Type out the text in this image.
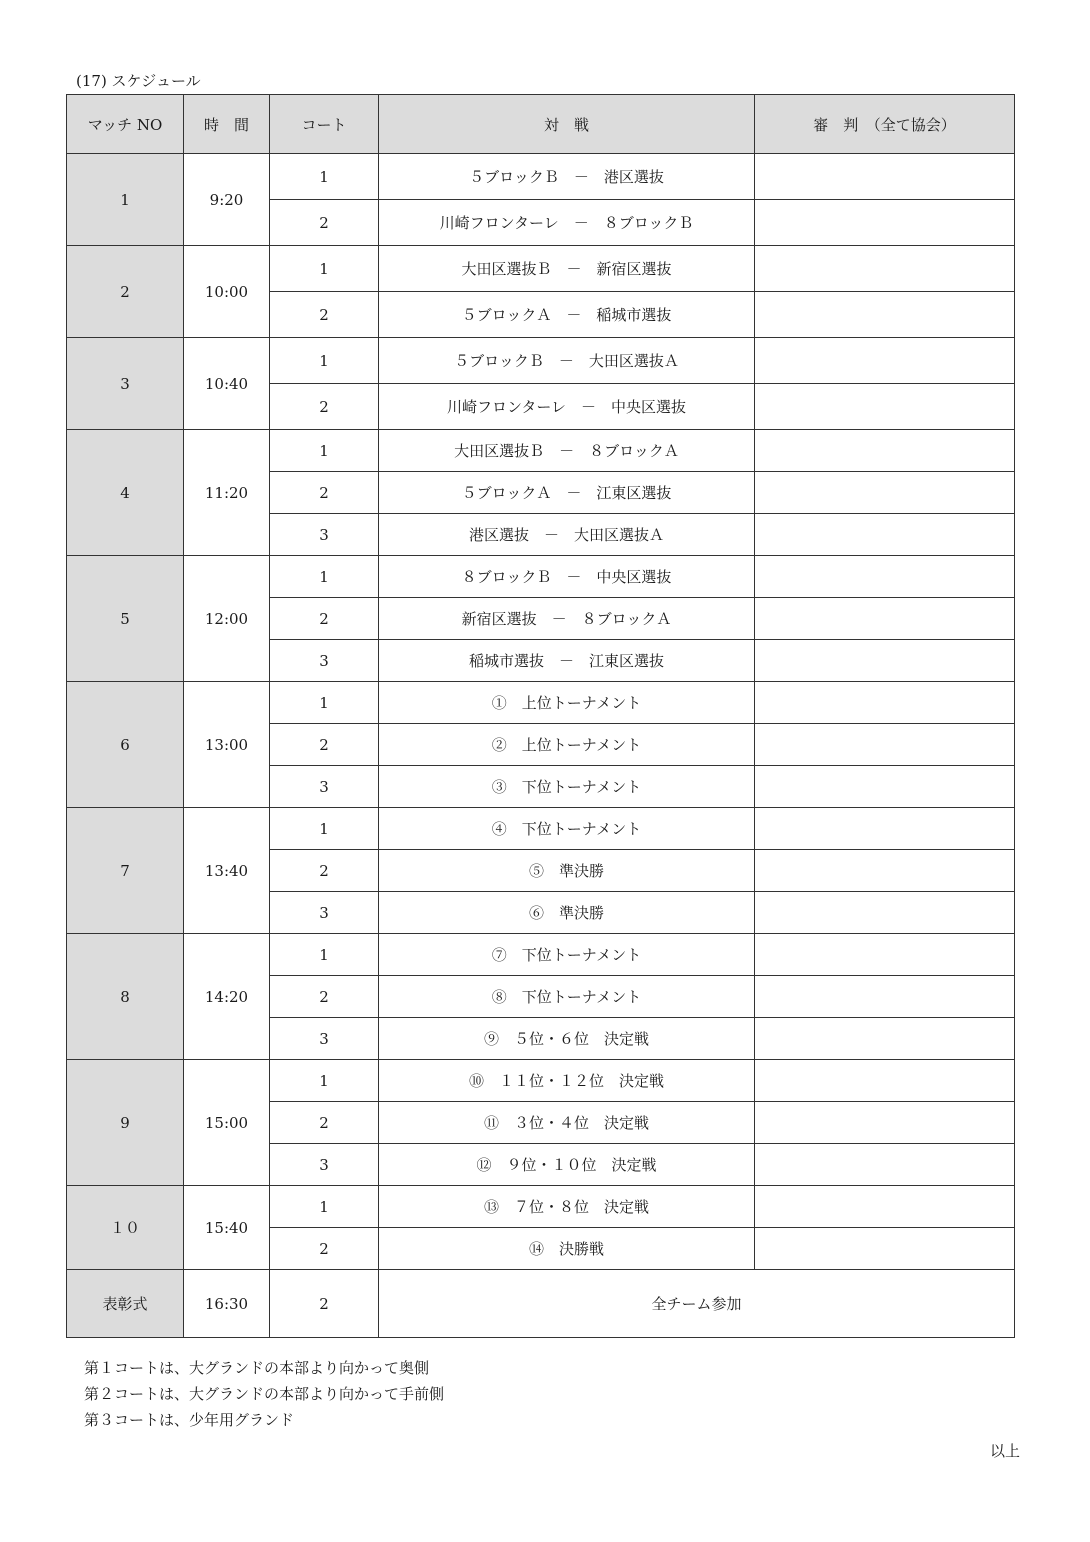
(17) スケジュール
マッチ NO	時　間	コート	対　戦	審　判　（全て協会）
1	9:20	1	５ブロックＢ　－　港区選抜	
		2	川崎フロンターレ　－　８ブロックＢ	
2	10:00	1	大田区選抜Ｂ　－　新宿区選抜	
		2	５ブロックＡ　－　稲城市選抜	
3	10:40	1	５ブロックＢ　－　大田区選抜Ａ	
		2	川崎フロンターレ　－　中央区選抜	
4	11:20	1	大田区選抜Ｂ　－　８ブロックＡ	
		2	５ブロックＡ　－　江東区選抜	
		3	港区選抜　－　大田区選抜Ａ	
5	12:00	1	８ブロックＢ　－　中央区選抜	
		2	新宿区選抜　－　８ブロックＡ	
		3	稲城市選抜　－　江東区選抜	
6	13:00	1	①　上位トーナメント	
		2	②　上位トーナメント	
		3	③　下位トーナメント	
7	13:40	1	④　下位トーナメント	
		2	⑤　準決勝	
		3	⑥　準決勝	
8	14:20	1	⑦　下位トーナメント	
		2	⑧　下位トーナメント	
		3	⑨　５位・６位　決定戦	
9	15:00	1	⑩　１１位・１２位　決定戦	
		2	⑪　３位・４位　決定戦	
		3	⑫　９位・１０位　決定戦	
１０	15:40	1	⑬　７位・８位　決定戦	
		2	⑭　決勝戦	
表彰式	16:30	2	全チーム参加	
第１コートは、大グランドの本部より向かって奥側
第２コートは、大グランドの本部より向かって手前側
第３コートは、少年用グランド
以上
